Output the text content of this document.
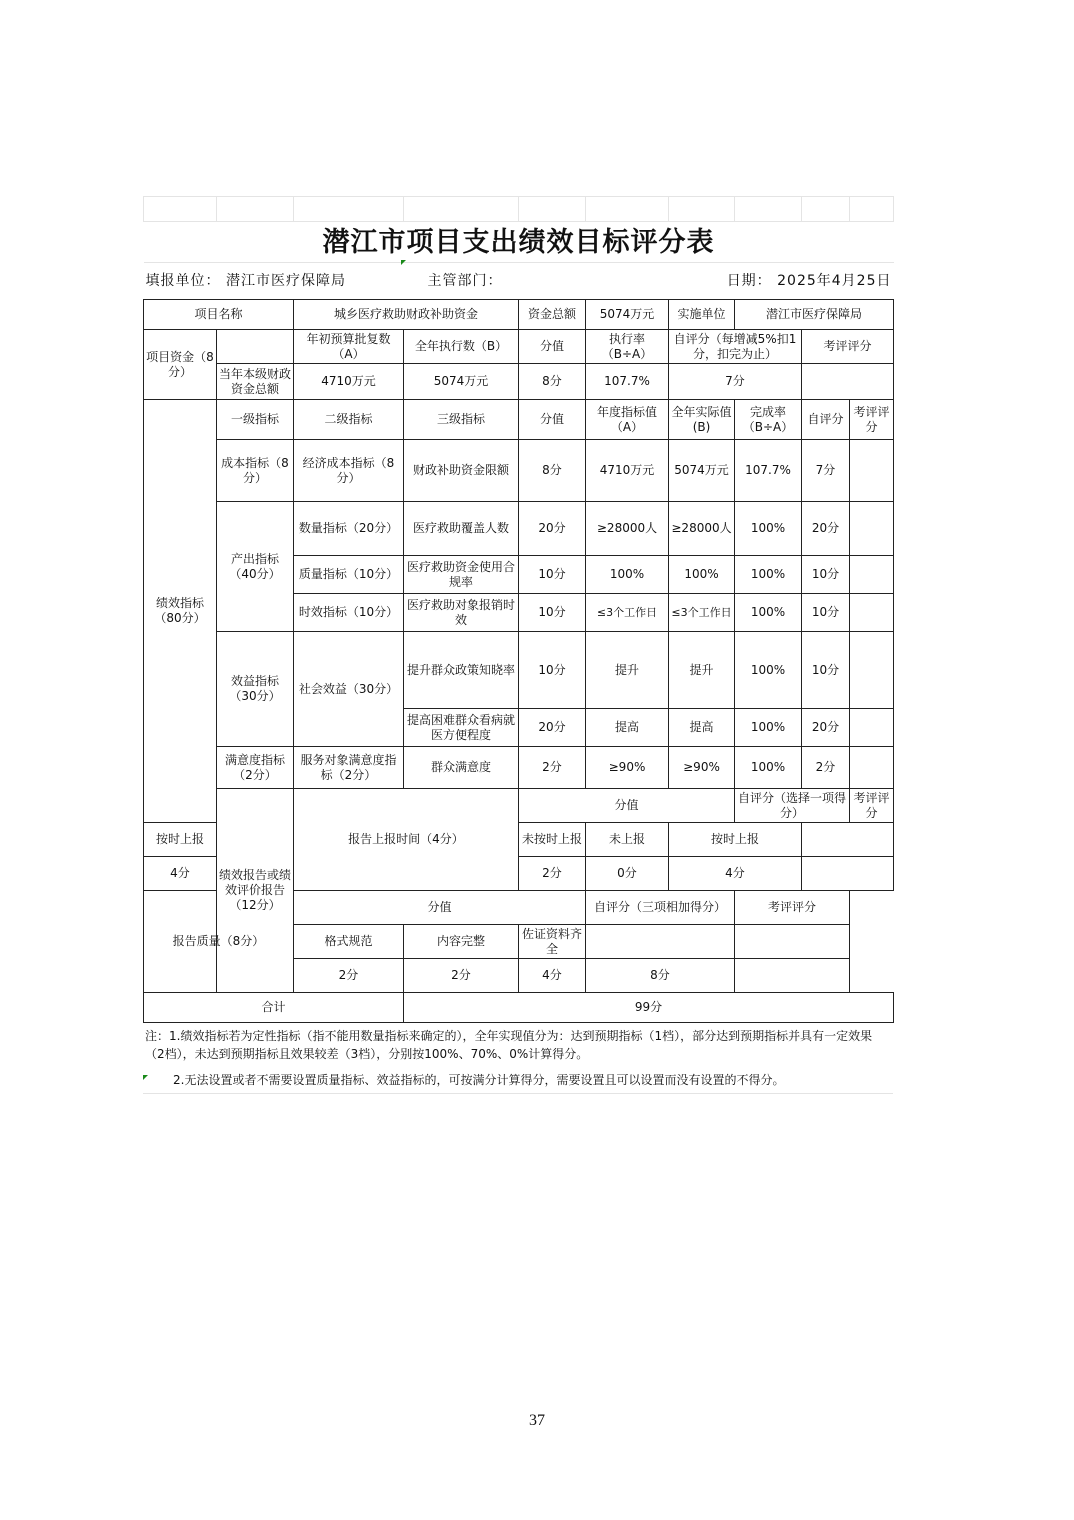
潜江市项目支出绩效目标评分表									
填报单位： 潜江市医疗保障局			主管部门：			日期： 2025年4月25日			
项目名称		城乡医疗救助财政补助资金		资金总额	5074万元	实施单位	潜江市医疗保障局		
项目资金（8分）		年初预算批复数（A）	全年执行数（B）	分值	执行率（B÷A）	自评分（每增减5%扣1分，扣完为止）		考评评分	
	当年本级财政资金总额	4710万元	5074万元	8分	107.7%	7分			
绩效指标（80分）	一级指标	二级指标	三级指标	分值	年度指标值（A）	全年实际值(B)	完成率（B÷A）	自评分	考评评分
	成本指标（8分）	经济成本指标（8分）	财政补助资金限额	8分	4710万元	5074万元	107.7%	7分	
	产出指标（40分）	数量指标（20分）	医疗救助覆盖人数	20分	≥28000人	≥28000人	100%	20分	
		质量指标（10分）	医疗救助资金使用合规率	10分	100%	100%	100%	10分	
		时效指标（10分）	医疗救助对象报销时效	10分	≤3个工作日	≤3个工作日	100%	10分	
	效益指标（30分）	社会效益（30分）	提升群众政策知晓率	10分	提升	提升	100%	10分	
			提高困难群众看病就医方便程度	20分	提高	提高	100%	20分	
	满意度指标（2分）	服务对象满意度指标（2分）	群众满意度	2分	≥90%	≥90%	100%	2分	
	绩效报告或绩效评价报告（12分）	报告上报时间（4分）		分值			自评分（选择一项得分）		考评评分
按时上报				未按时上报	未上报	按时上报			
4分				2分	0分	4分			
报告质量（8分）		分值			自评分（三项相加得分）		考评评分		
		格式规范	内容完整	佐证资料齐全					
		2分	2分	4分	8分				
合计			99分						
注：1.绩效指标若为定性指标（指不能用数量指标来确定的），全年实现值分为：达到预期指标（1档），部分达到预期指标并具有一定效果（2档），未达到预期指标且效果较差（3档），分别按100%、70%、0%计算得分。
2.无法设置或者不需要设置质量指标、效益指标的，可按满分计算得分，需要设置且可以设置而没有设置的不得分。
37
